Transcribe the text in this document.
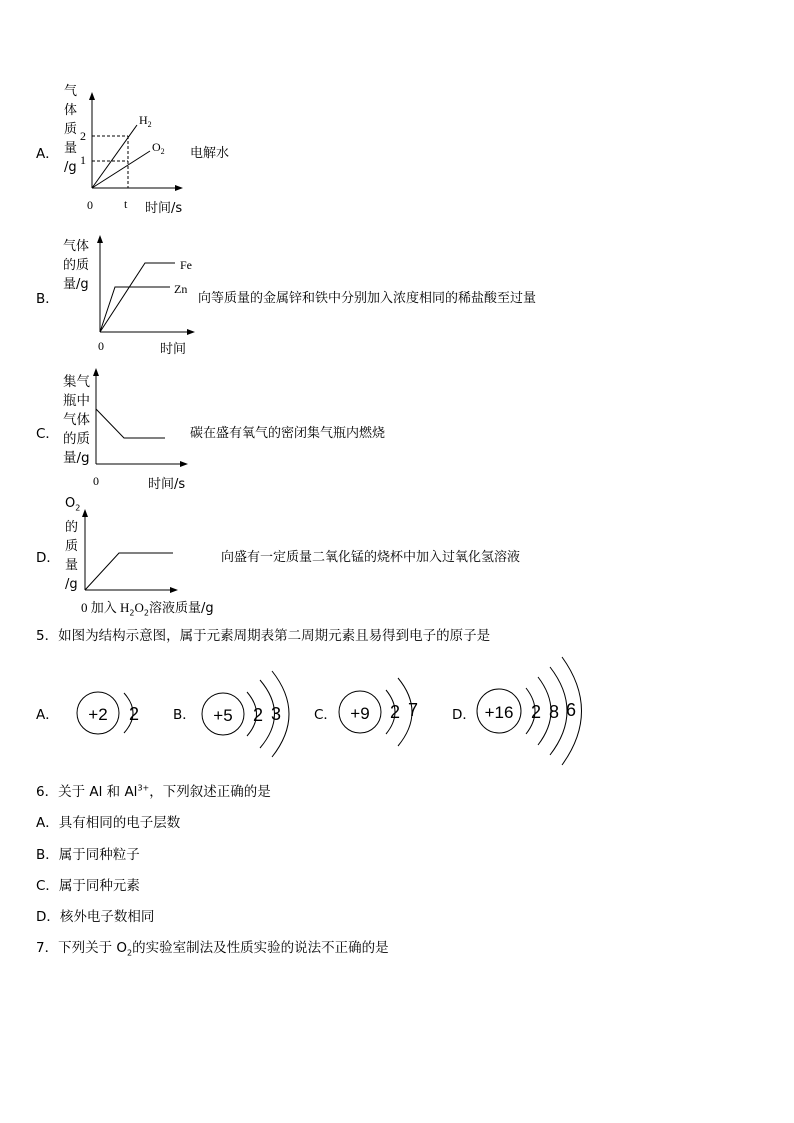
A．
气
体
质
量
/g
2
1
0	t
$H_2$
$O_2$
时间/s
电解水
B．
气体
的质
量/g
Fe
Zn
0	时间
向等质量的金属锌和铁中分别加入浓度相同的稀盐酸至过量
C．
集气
瓶中
气体
的质
量/g
0	时间/s
碳在盛有氧气的密闭集气瓶内燃烧
D．
$O_2$
的
质
量
/g
0 加入 $H_2O_2$溶液质量/g
向盛有一定质量二氧化锰的烧杯中加入过氧化氢溶液
5．如图为结构示意图，属于元素周期表第二周期元素且易得到电子的原子是
A．	B．	C．	D．
+2 2	+5 2 3	+9 2 7	+16 2 8 6
6．关于 Al 和 $Al^{3+}$，下列叙述正确的是
A．具有相同的电子层数
B．属于同种粒子
C．属于同种元素
D．核外电子数相同
7．下列关于 $O_2$的实验室制法及性质实验的说法不正确的是
